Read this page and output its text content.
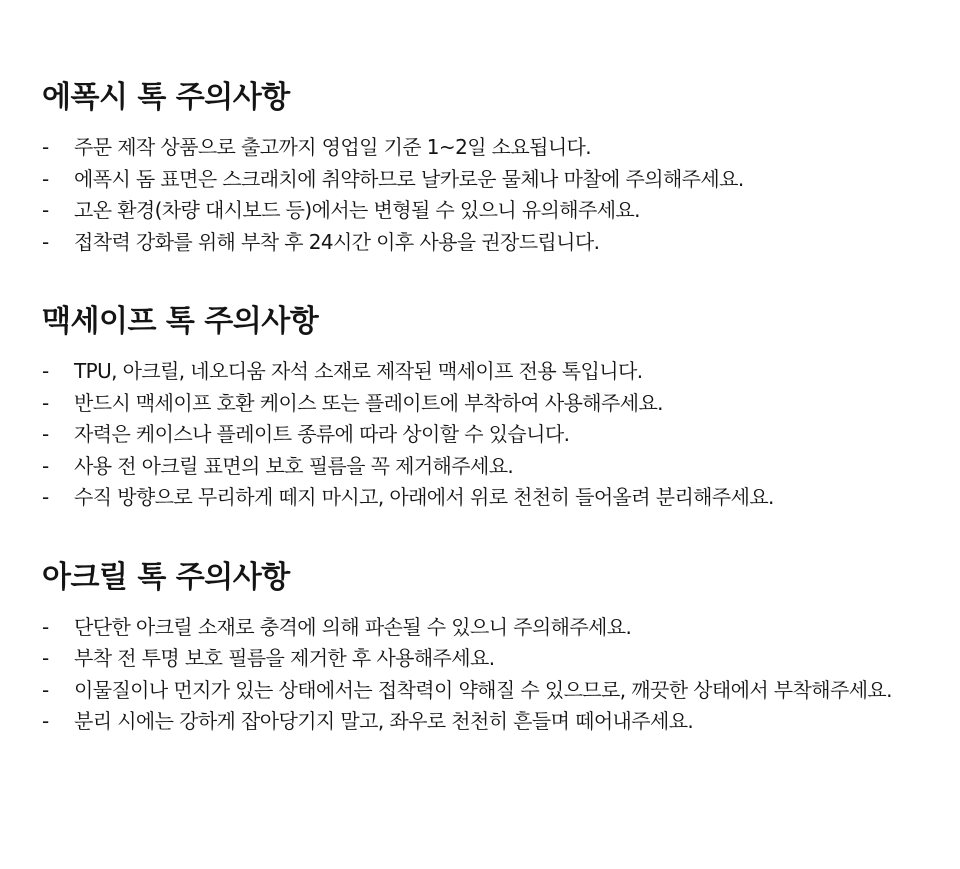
에폭시 톡 주의사항
- 주문 제작 상품으로 출고까지 영업일 기준 1~2일 소요됩니다.
- 에폭시 돔 표면은 스크래치에 취약하므로 날카로운 물체나 마찰에 주의해주세요.
- 고온 환경(차량 대시보드 등)에서는 변형될 수 있으니 유의해주세요.
- 접착력 강화를 위해 부착 후 24시간 이후 사용을 권장드립니다.
맥세이프 톡 주의사항
- TPU, 아크릴, 네오디움 자석 소재로 제작된 맥세이프 전용 톡입니다.
- 반드시 맥세이프 호환 케이스 또는 플레이트에 부착하여 사용해주세요.
- 자력은 케이스나 플레이트 종류에 따라 상이할 수 있습니다.
- 사용 전 아크릴 표면의 보호 필름을 꼭 제거해주세요.
- 수직 방향으로 무리하게 떼지 마시고, 아래에서 위로 천천히 들어올려 분리해주세요.
아크릴 톡 주의사항
- 단단한 아크릴 소재로 충격에 의해 파손될 수 있으니 주의해주세요.
- 부착 전 투명 보호 필름을 제거한 후 사용해주세요.
- 이물질이나 먼지가 있는 상태에서는 접착력이 약해질 수 있으므로, 깨끗한 상태에서 부착해주세요.
- 분리 시에는 강하게 잡아당기지 말고, 좌우로 천천히 흔들며 떼어내주세요.
